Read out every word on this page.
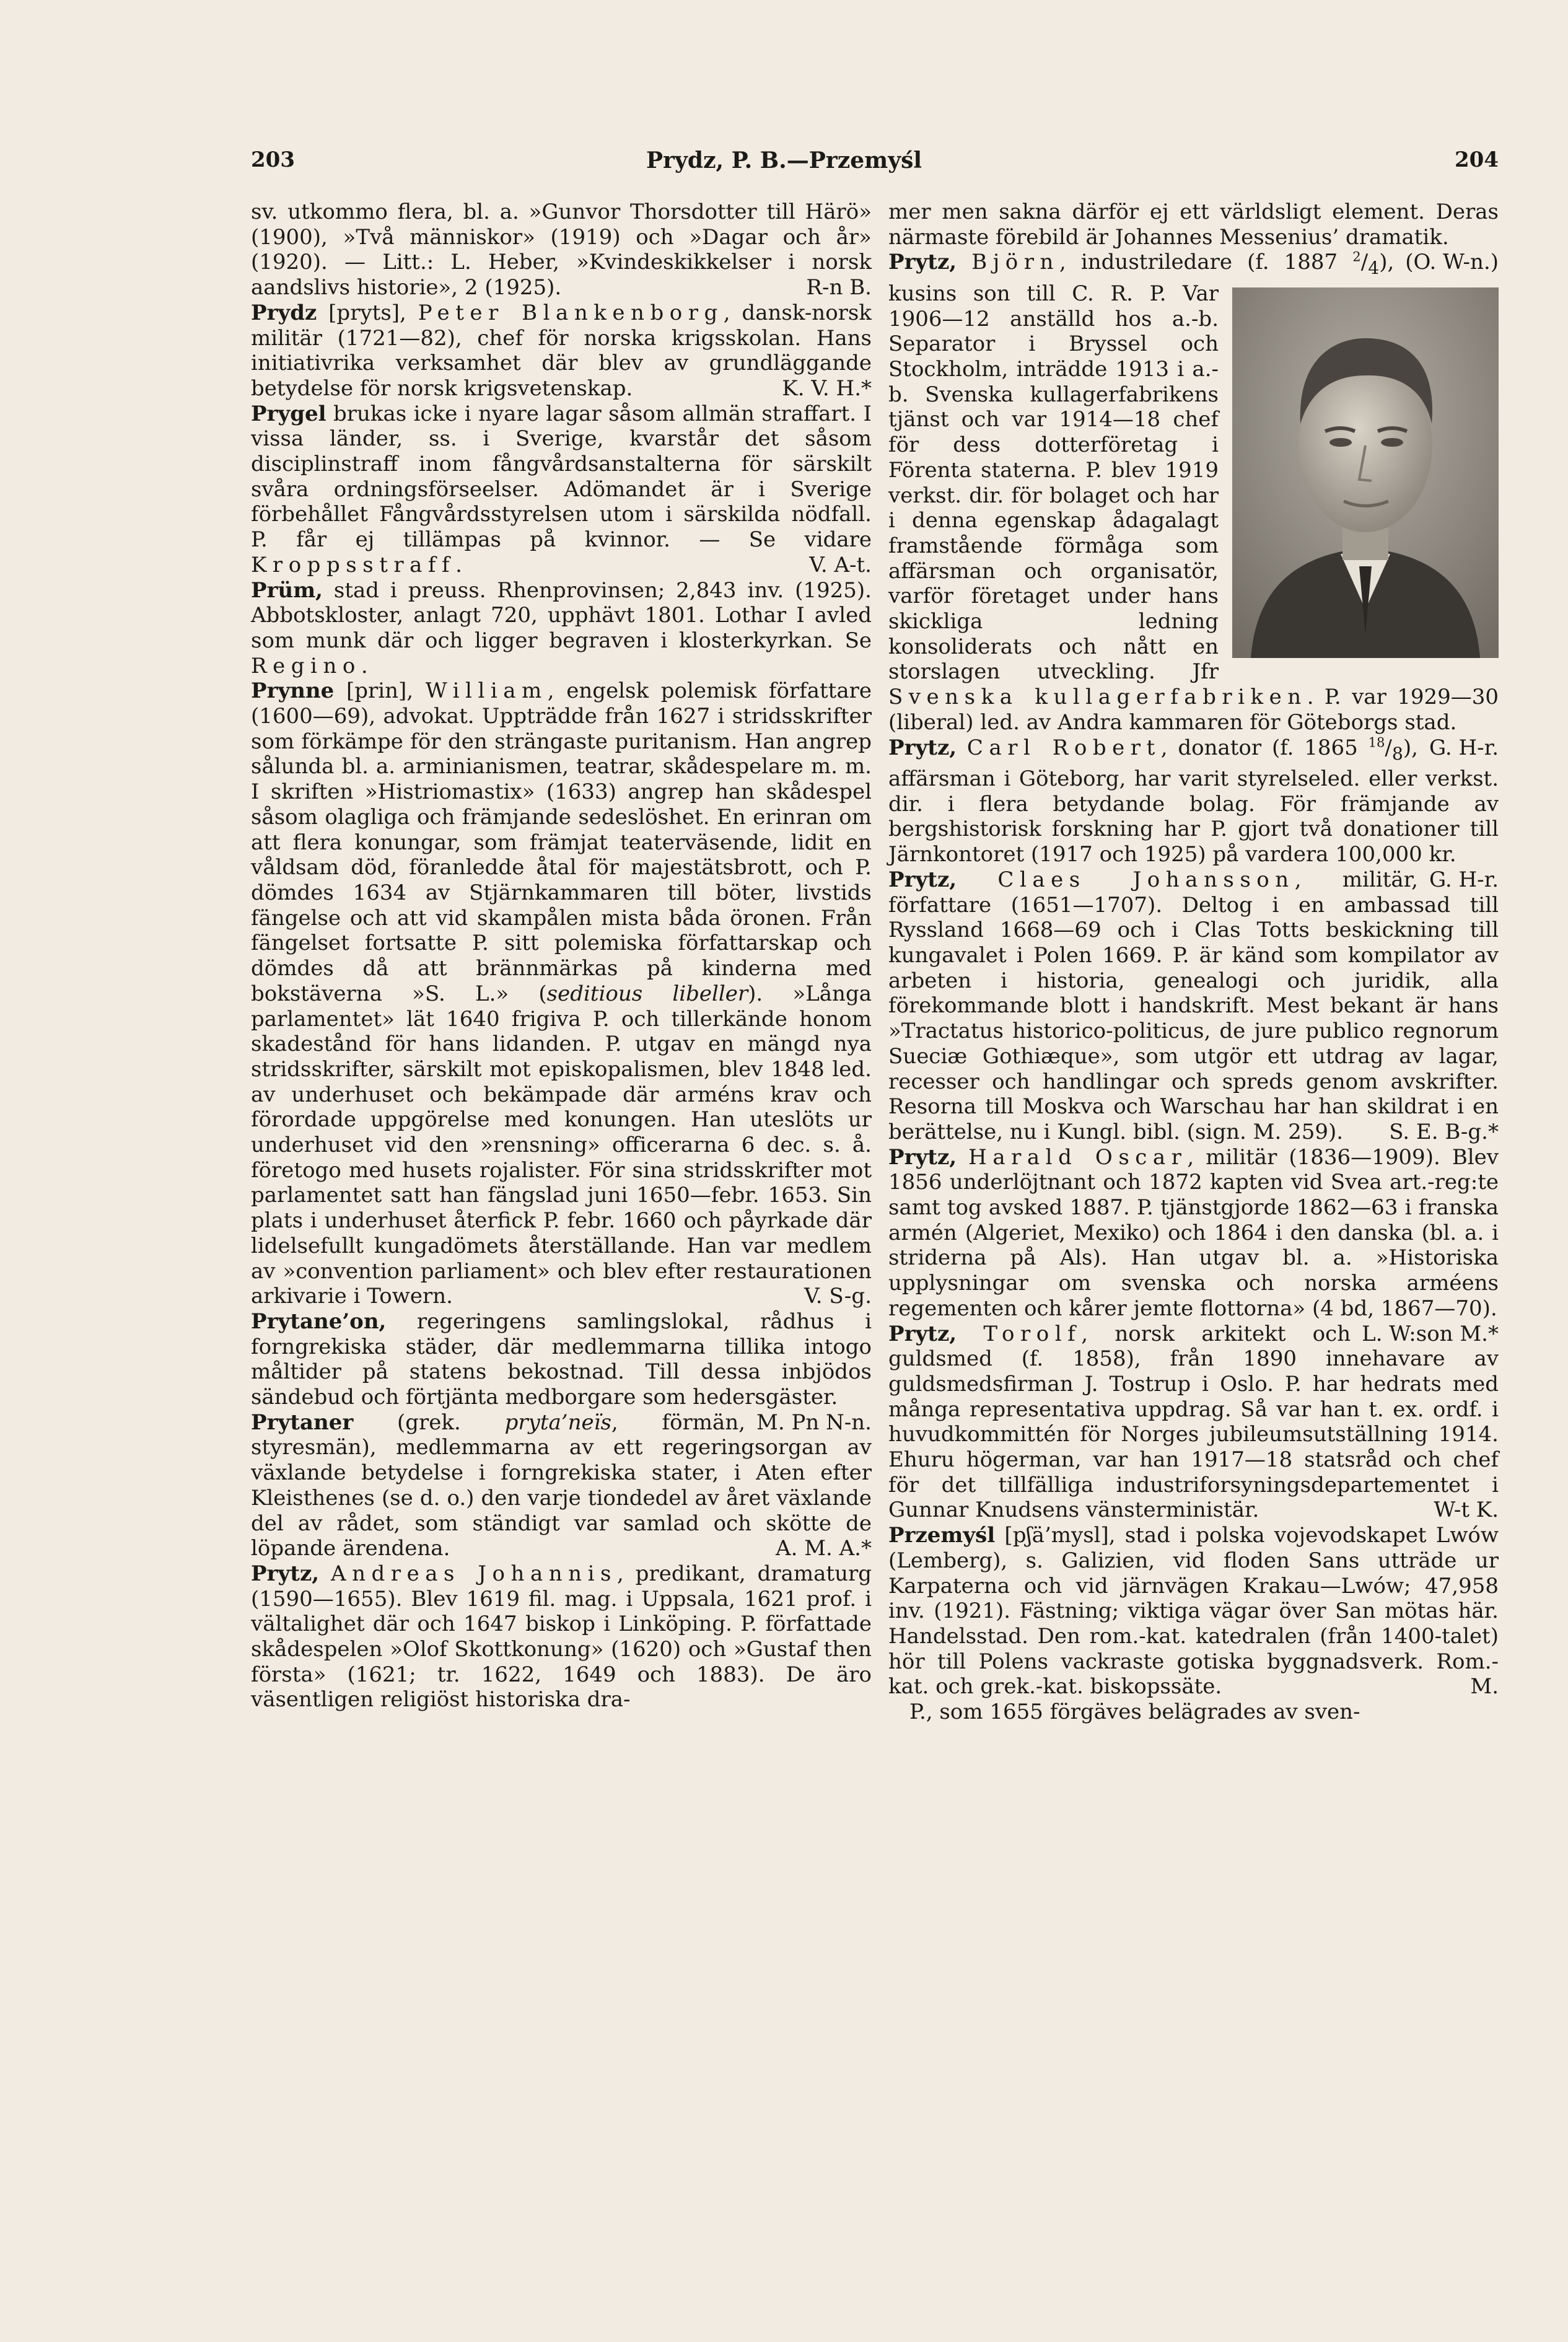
203	Prydz, P. B.—Przemyśl	204

sv. utkommo flera, bl. a. »Gunvor Thorsdotter till Härö» (1900), »Två människor» (1919) och »Dagar och år» (1920). — Litt.: L. Heber, »Kvindeskikkelser i norsk aandslivs historie», 2 (1925).	R-n B.

Prydz [pryts], Peter Blankenborg, dansk-norsk militär (1721—82), chef för norska krigsskolan. Hans initiativrika verksamhet där blev av grundläggande betydelse för norsk krigsvetenskap.	K. V. H.*

Prygel brukas icke i nyare lagar såsom allmän straffart. I vissa länder, ss. i Sverige, kvarstår det såsom disciplinstraff inom fångvårdsanstalterna för särskilt svåra ordningsförseelser. Adömandet är i Sverige förbehållet Fångvårdsstyrelsen utom i särskilda nödfall. P. får ej tillämpas på kvinnor. — Se vidare Kroppsstraff.	V. A-t.

Prüm, stad i preuss. Rhenprovinsen; 2,843 inv. (1925). Abbotskloster, anlagt 720, upphävt 1801. Lothar I avled som munk där och ligger begraven i klosterkyrkan. Se Regino.

Prynne [prin], William, engelsk polemisk författare (1600—69), advokat. Uppträdde från 1627 i stridsskrifter som förkämpe för den strängaste puritanism. Han angrep sålunda bl. a. arminianismen, teatrar, skådespelare m. m. I skriften »Histriomastix» (1633) angrep han skådespel såsom olagliga och främjande sedeslöshet. En erinran om att flera konungar, som främjat teaterväsende, lidit en våldsam död, föranledde åtal för majestätsbrott, och P. dömdes 1634 av Stjärnkammaren till böter, livstids fängelse och att vid skampålen mista båda öronen. Från fängelset fortsatte P. sitt polemiska författarskap och dömdes då att brännmärkas på kinderna med bokstäverna »S. L.» (seditious libeller). »Långa parlamentet» lät 1640 frigiva P. och tillerkände honom skadestånd för hans lidanden. P. utgav en mängd nya stridsskrifter, särskilt mot episkopalismen, blev 1848 led. av underhuset och bekämpade där arméns krav och förordade uppgörelse med konungen. Han uteslöts ur underhuset vid den »rensning» officerarna 6 dec. s. å. företogo med husets rojalister. För sina stridsskrifter mot parlamentet satt han fängslad juni 1650—febr. 1653. Sin plats i underhuset återfick P. febr. 1660 och påyrkade där lidelsefullt kungadömets återställande. Han var medlem av »convention parliament» och blev efter restaurationen arkivarie i Towern.	V. S-g.

Prytane’on, regeringens samlingslokal, rådhus i forngrekiska städer, där medlemmarna tillika intogo måltider på statens bekostnad. Till dessa inbjödos sändebud och förtjänta medborgare som hedersgäster.
M. Pn N-n.

Prytaner (grek. pryta’neïs, förmän, styresmän), medlemmarna av ett regeringsorgan av växlande betydelse i forngrekiska stater, i Aten efter Kleisthenes (se d. o.) den varje tiondedel av året växlande del av rådet, som ständigt var samlad och skötte de löpande ärendena.	A. M. A.*

Prytz, Andreas Johannis, predikant, dramaturg (1590—1655). Blev 1619 fil. mag. i Uppsala, 1621 prof. i vältalighet där och 1647 biskop i Linköping. P. författade skådespelen »Olof Skottkonung» (1620) och »Gustaf then första» (1621; tr. 1622, 1649 och 1883). De äro väsentligen religiöst historiska dra-

mer men sakna därför ej ett världsligt element. Deras närmaste förebild är Johannes Messenius’ dramatik.
(O. W-n.)

Prytz, Björn, industriledare (f. 1887 $^2/_4$
), kusins son till C. R. P. Var 1906—12 anställd hos a.-b. Separator i Bryssel och Stockholm, inträdde 1913 i a.-b. Svenska kullagerfabrikens tjänst och var 1914—18 chef för dess dotterföretag i Förenta staterna. P. blev 1919 verkst. dir. för bolaget och har i denna egenskap ådagalagt framstående förmåga som affärsman och organisatör, varför företaget under hans skickliga ledning konsoliderats och nått en storslagen utveckling. Jfr Svenska kullagerfabriken. P. var 1929—30 (liberal) led. av Andra kammaren för Göteborgs stad.
G. H-r.

Prytz, Carl Robert, donator (f. 1865 $^{18}/_8$), affärsman i Göteborg, har varit styrelseled. eller verkst. dir. i flera betydande bolag. För främjande av bergshistorisk forskning har P. gjort två donationer till Järnkontoret (1917 och 1925) på vardera 100,000 kr.
G. H-r.

Prytz, Claes Johansson, militär, författare (1651—1707). Deltog i en ambassad till Ryssland 1668—69 och i Clas Totts beskickning till kungavalet i Polen 1669. P. är känd som kompilator av arbeten i historia, genealogi och juridik, alla förekommande blott i handskrift. Mest bekant är hans »Tractatus historico-politicus, de jure publico regnorum Sueciæ Gothiæque», som utgör ett utdrag av lagar, recesser och handlingar och spreds genom avskrifter. Resorna till Moskva och Warschau har han skildrat i en berättelse, nu i Kungl. bibl. (sign. M. 259).	S. E. B-g.*

Prytz, Harald Oscar, militär (1836—1909). Blev 1856 underlöjtnant och 1872 kapten vid Svea art.-reg:te samt tog avsked 1887. P. tjänstgjorde 1862—63 i franska armén (Algeriet, Mexiko) och 1864 i den danska (bl. a. i striderna på Als). Han utgav bl. a. »Historiska upplysningar om svenska och norska arméens regementen och kårer jemte flottorna» (4 bd, 1867—70).
L. W:son M.*

Prytz, Torolf, norsk arkitekt och guldsmed (f. 1858), från 1890 innehavare av guldsmedsfirman J. Tostrup i Oslo. P. har hedrats med många representativa uppdrag. Så var han t. ex. ordf. i huvudkommittén för Norges jubileumsutställning 1914. Ehuru högerman, var han 1917—18 statsråd och chef för det tillfälliga industriforsyningsdepartementet i Gunnar Knudsens vänsterministär.	W-t K.

Przemyśl [pʃä’mysl], stad i polska vojevodskapet Lwów (Lemberg), s. Galizien, vid floden Sans utträde ur Karpaterna och vid järnvägen Krakau—Lwów; 47,958 inv. (1921). Fästning; viktiga vägar över San mötas här. Handelsstad. Den rom.-kat. katedralen (från 1400-talet) hör till Polens vackraste gotiska byggnadsverk. Rom.-kat. och grek.-kat. biskopssäte.	M.

P., som 1655 förgäves belägrades av sven-
